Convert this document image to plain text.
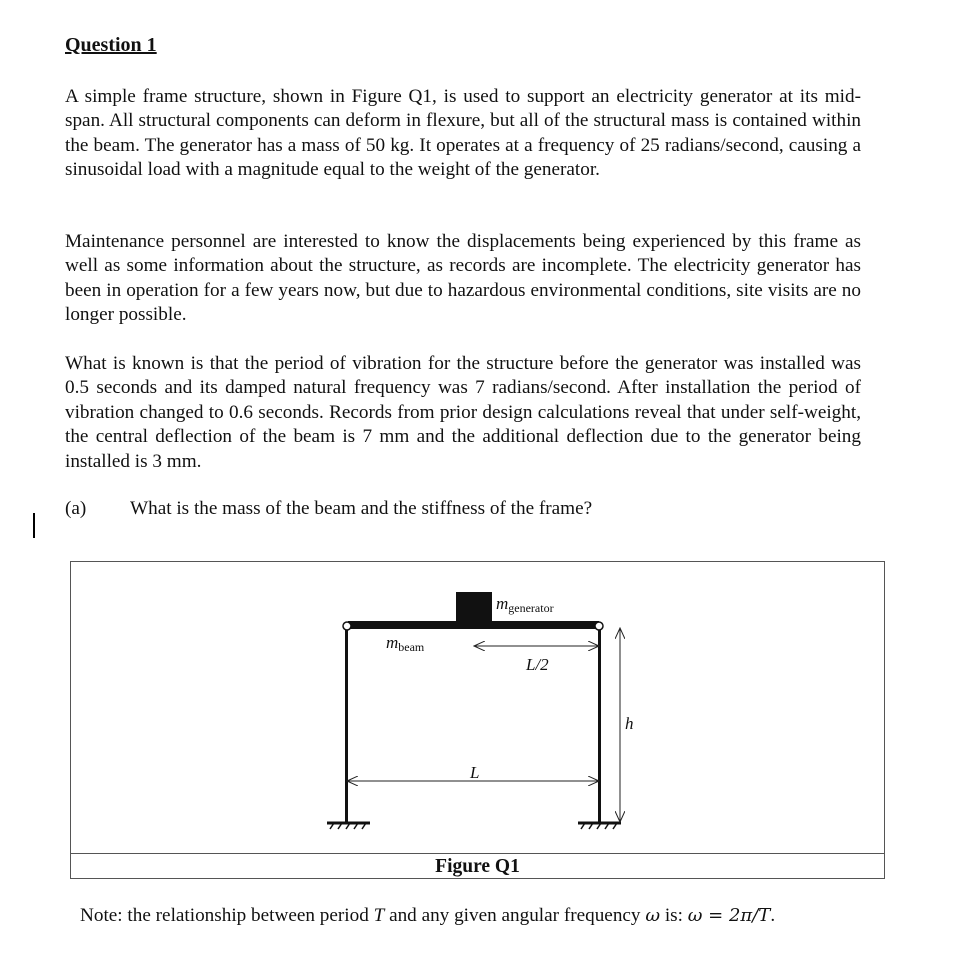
Question 1

A simple frame structure, shown in Figure Q1, is used to support an electricity generator at its mid-span. All structural components can deform in flexure, but all of the structural mass is contained within the beam. The generator has a mass of 50 kg. It operates at a frequency of 25 radians/second, causing a sinusoidal load with a magnitude equal to the weight of the generator.

Maintenance personnel are interested to know the displacements being experienced by this frame as well as some information about the structure, as records are incomplete. The electricity generator has been in operation for a few years now, but due to hazardous environmental conditions, site visits are no longer possible.

What is known is that the period of vibration for the structure before the generator was installed was 0.5 seconds and its damped natural frequency was 7 radians/second. After installation the period of vibration changed to 0.6 seconds. Records from prior design calculations reveal that under self-weight, the central deflection of the beam is 7 mm and the additional deflection due to the generator being installed is 3 mm.

(a) What is the mass of the beam and the stiffness of the frame?
mgenerator
mbeam
L/2
L
h
Figure Q1
Note: the relationship between period T and any given angular frequency ω is: ω = 2π/T.
